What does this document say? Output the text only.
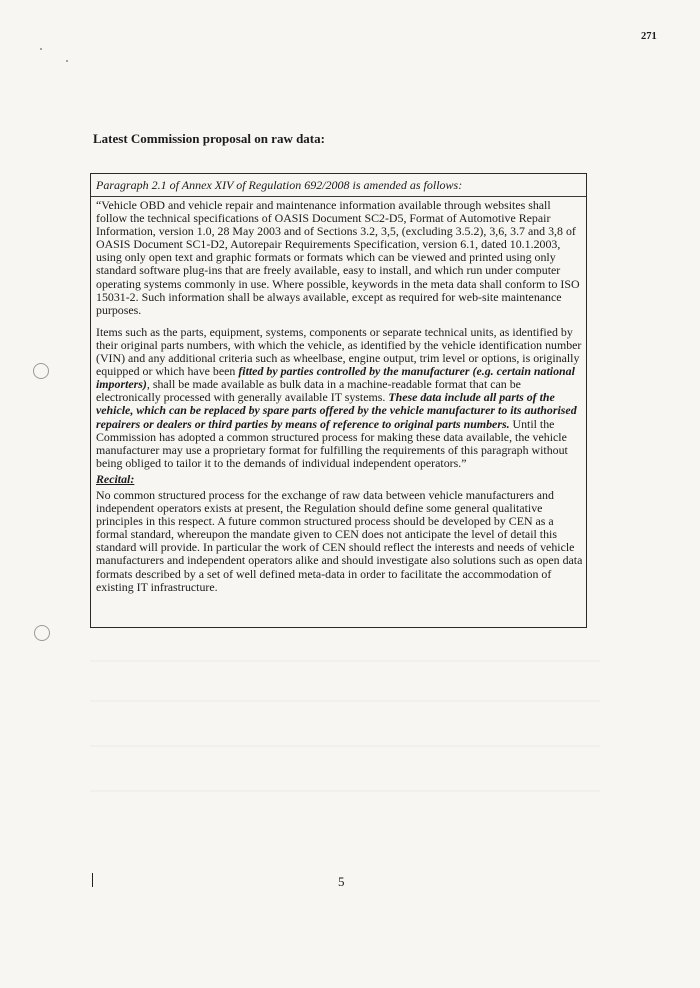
271
Latest Commission proposal on raw data:
Paragraph 2.1 of Annex XIV of Regulation 692/2008 is amended as follows:

“Vehicle OBD and vehicle repair and maintenance information available through websites shall follow the technical specifications of OASIS Document SC2-D5, Format of Automotive Repair Information, version 1.0, 28 May 2003 and of Sections 3.2, 3,5, (excluding 3.5.2), 3,6, 3.7 and 3,8 of OASIS Document SC1-D2, Autorepair Requirements Specification, version 6.1, dated 10.1.2003, using only open text and graphic formats or formats which can be viewed and printed using only standard software plug-ins that are freely available, easy to install, and which run under computer operating systems commonly in use. Where possible, keywords in the meta data shall conform to ISO 15031-2. Such information shall be always available, except as required for web-site maintenance purposes.

Items such as the parts, equipment, systems, components or separate technical units, as identified by their original parts numbers, with which the vehicle, as identified by the vehicle identification number (VIN) and any additional criteria such as wheelbase, engine output, trim level or options, is originally equipped or which have been fitted by parties controlled by the manufacturer (e.g. certain national importers), shall be made available as bulk data in a machine-readable format that can be electronically processed with generally available IT systems. These data include all parts of the vehicle, which can be replaced by spare parts offered by the vehicle manufacturer to its authorised repairers or dealers or third parties by means of reference to original parts numbers. Until the Commission has adopted a common structured process for making these data available, the vehicle manufacturer may use a proprietary format for fulfilling the requirements of this paragraph without being obliged to tailor it to the demands of individual independent operators.”

Recital:

No common structured process for the exchange of raw data between vehicle manufacturers and independent operators exists at present, the Regulation should define some general qualitative principles in this respect. A future common structured process should be developed by CEN as a formal standard, whereupon the mandate given to CEN does not anticipate the level of detail this standard will provide. In particular the work of CEN should reflect the interests and needs of vehicle manufacturers and independent operators alike and should investigate also solutions such as open data formats described by a set of well defined meta-data in order to facilitate the accommodation of existing IT infrastructure.

5
